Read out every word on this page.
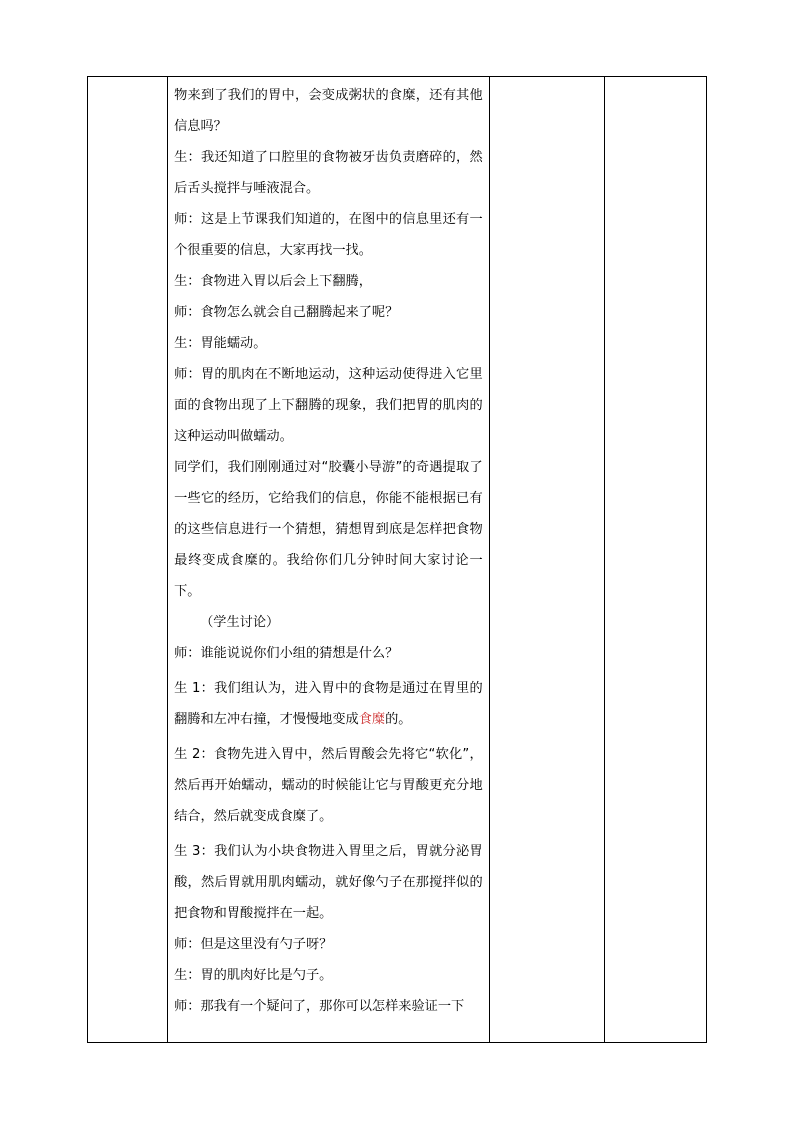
物来到了我们的胃中，会变成粥状的食糜，还有其他信息吗？

生：我还知道了口腔里的食物被牙齿负责磨碎的，然后舌头搅拌与唾液混合。

师：这是上节课我们知道的，在图中的信息里还有一个很重要的信息，大家再找一找。

生：食物进入胃以后会上下翻腾，

师：食物怎么就会自己翻腾起来了呢？

生：胃能蠕动。

师：胃的肌肉在不断地运动，这种运动使得进入它里面的食物出现了上下翻腾的现象，我们把胃的肌肉的这种运动叫做蠕动。

同学们，我们刚刚通过对“胶囊小导游”的奇遇提取了一些它的经历，它给我们的信息，你能不能根据已有的这些信息进行一个猜想，猜想胃到底是怎样把食物最终变成食糜的。我给你们几分钟时间大家讨论一下。

（学生讨论）

师：谁能说说你们小组的猜想是什么？

生 1：我们组认为，进入胃中的食物是通过在胃里的翻腾和左冲右撞，才慢慢地变成食糜的。

生 2：食物先进入胃中，然后胃酸会先将它“软化”，然后再开始蠕动，蠕动的时候能让它与胃酸更充分地结合，然后就变成食糜了。

生 3：我们认为小块食物进入胃里之后，胃就分泌胃酸，然后胃就用肌肉蠕动，就好像勺子在那搅拌似的把食物和胃酸搅拌在一起。

师：但是这里没有勺子呀？

生：胃的肌肉好比是勺子。

师：那我有一个疑问了，那你可以怎样来验证一下
